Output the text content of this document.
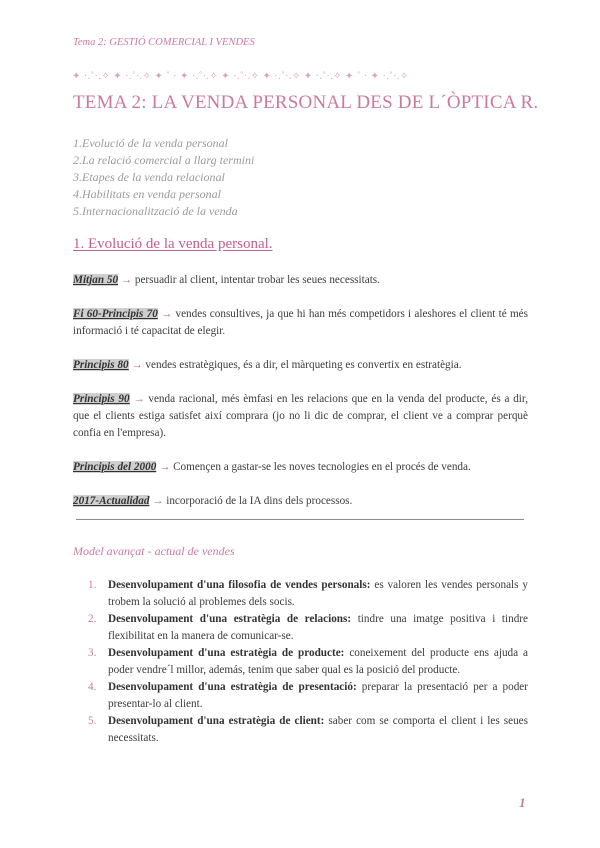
Tema 2: GESTIÓ COMERCIAL I VENDES
✦ ·.˚·.✧ ✦ ·.˚·.✧ ✦ ˚ · ✦ ·.˚·.✧ ✦ ·.˚·.✧ ✦ ·.˚·.✧ ✦ ·.˚·.✧ ✦ ˚ · ✦ ·.˚·.✧
TEMA 2: LA VENDA PERSONAL DES DE L´ÒPTICA R.
1.Evolució de la venda personal
2.La relació comercial a llarg termini
3.Etapes de la venda relacional
4.Habilitats en venda personal
5.Internacionalització de la venda
1. Evolució de la venda personal.

Mitjan 50 → persuadir al client, intentar trobar les seues necessitats.

Fi 60-Principis 70 → vendes consultives, ja que hi han més competidors i aleshores el client té més informació i té capacitat de elegir.

Principis 80 → vendes estratègiques, és a dir, el màrqueting es convertix en estratègia.

Principis 90 → venda racional, més èmfasi en les relacions que en la venda del producte, és a dir, que el clients estiga satisfet així comprara (jo no li dic de comprar, el client ve a comprar perquè confia en l'empresa).

Principis del 2000 → Començen a gastar-se les noves tecnologies en el procés de venda.

2017-Actualidad → incorporació de la IA dins dels processos.

Model avançat - actual de vendes
1.	Desenvolupament d'una filosofia de vendes personals: es valoren les vendes personals y trobem la solució al problemes dels socis.
2.	Desenvolupament d'una estratègia de relacions: tindre una imatge positiva i tindre flexibilitat en la manera de comunicar-se.
3.	Desenvolupament d'una estratègia de producte: coneixement del producte ens ajuda a poder vendre´l millor, además, tenim que saber qual es la posició del producte.
4.	Desenvolupament d'una estratègia de presentació: preparar la presentació per a poder presentar-lo al client.
5.	Desenvolupament d'una estratègia de client: saber com se comporta el client i les seues necessitats.
1
